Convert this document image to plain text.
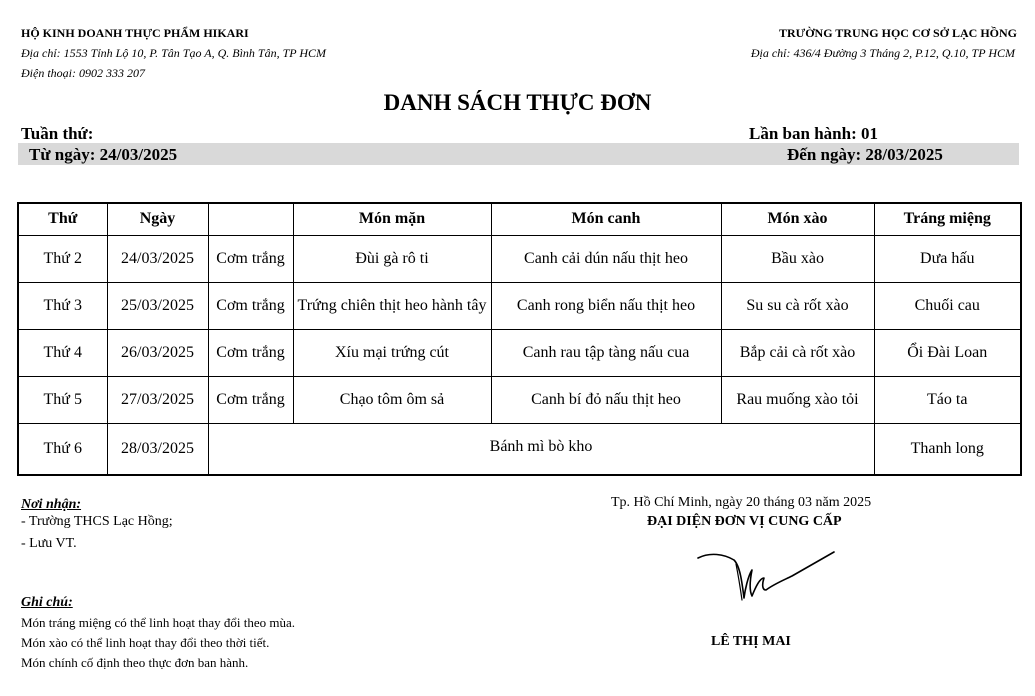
HỘ KINH DOANH THỰC PHẨM HIKARI
Địa chỉ: 1553 Tỉnh Lộ 10, P. Tân Tạo A, Q. Bình Tân, TP HCM
Điện thoại: 0902 333 207
TRƯỜNG TRUNG HỌC CƠ SỞ LẠC HỒNG
Địa chỉ: 436/4 Đường 3 Tháng 2, P.12, Q.10, TP HCM
DANH SÁCH THỰC ĐƠN
Tuần thứ:	Lần ban hành: 01
Từ ngày: 24/03/2025	Đến ngày: 28/03/2025
Thứ	Ngày		Món mặn	Món canh	Món xào	Tráng miệng
Thứ 2	24/03/2025	Cơm trắng	Đùi gà rô ti	Canh cải dún nấu thịt heo	Bầu xào	Dưa hấu
Thứ 3	25/03/2025	Cơm trắng	Trứng chiên thịt heo hành tây	Canh rong biển nấu thịt heo	Su su cà rốt xào	Chuối cau
Thứ 4	26/03/2025	Cơm trắng	Xíu mại trứng cút	Canh rau tập tàng nấu cua	Bắp cải cà rốt xào	Ổi Đài Loan
Thứ 5	27/03/2025	Cơm trắng	Chạo tôm ôm sả	Canh bí đỏ nấu thịt heo	Rau muống xào tỏi	Táo ta
Thứ 6	28/03/2025	Bánh mì bò kho				Thanh long
Nơi nhận:
- Trường THCS Lạc Hồng;
- Lưu VT.
Ghi chú:
Món tráng miệng có thể linh hoạt thay đổi theo mùa.
Món xào có thể linh hoạt thay đổi theo thời tiết.
Món chính cố định theo thực đơn ban hành.
Tp. Hồ Chí Minh, ngày 20 tháng 03 năm 2025
ĐẠI DIỆN ĐƠN VỊ CUNG CẤP
LÊ THỊ MAI
